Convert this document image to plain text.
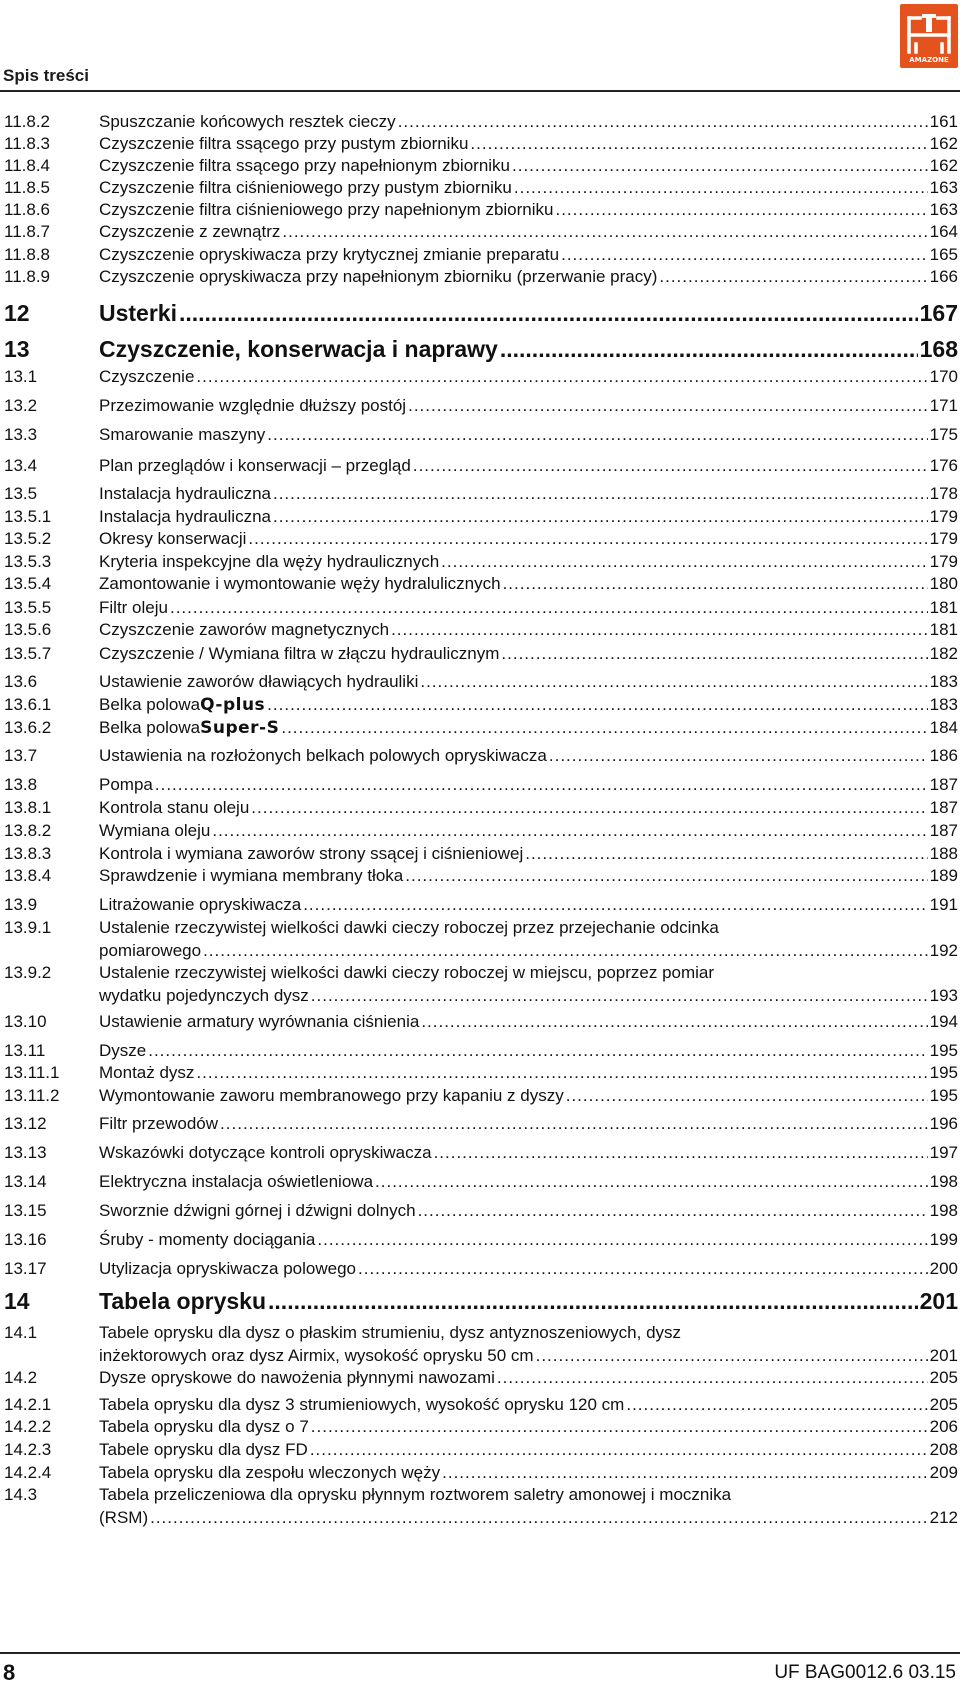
AMAZONE
Spis treści
11.8.2	Spuszczanie końcowych resztek cieczy .....	161
11.8.3	Czyszczenie filtra ssącego przy pustym zbiorniku .....	162
11.8.4	Czyszczenie filtra ssącego przy napełnionym zbiorniku .....	162
11.8.5	Czyszczenie filtra ciśnieniowego przy pustym zbiorniku .....	163
11.8.6	Czyszczenie filtra ciśnieniowego przy napełnionym zbiorniku .....	163
11.8.7	Czyszczenie z zewnątrz .....	164
11.8.8	Czyszczenie opryskiwacza przy krytycznej zmianie preparatu .....	165
11.8.9	Czyszczenie opryskiwacza przy napełnionym zbiorniku (przerwanie pracy) .....	166
12	Usterki .....	167
13	Czyszczenie, konserwacja i naprawy .....	168
13.1	Czyszczenie .....	170
13.2	Przezimowanie względnie dłuższy postój .....	171
13.3	Smarowanie maszyny .....	175
13.4	Plan przeglądów i konserwacji – przegląd .....	176
13.5	Instalacja hydrauliczna .....	178
13.5.1	Instalacja hydrauliczna .....	179
13.5.2	Okresy konserwacji .....	179
13.5.3	Kryteria inspekcyjne dla węży hydraulicznych .....	179
13.5.4	Zamontowanie i wymontowanie węży hydralulicznych .....	180
13.5.5	Filtr oleju .....	181
13.5.6	Czyszczenie zaworów magnetycznych .....	181
13.5.7	Czyszczenie / Wymiana filtra w złączu hydraulicznym .....	182
13.6	Ustawienie zaworów dławiących hydrauliki .....	183
13.6.1	Belka polowa Q-plus .....	183
13.6.2	Belka polowa Super-S .....	184
13.7	Ustawienia na rozłożonych belkach polowych opryskiwacza .....	186
13.8	Pompa .....	187
13.8.1	Kontrola stanu oleju .....	187
13.8.2	Wymiana oleju .....	187
13.8.3	Kontrola i wymiana zaworów strony ssącej i ciśnieniowej .....	188
13.8.4	Sprawdzenie i wymiana membrany tłoka .....	189
13.9	Litrażowanie opryskiwacza .....	191
13.9.1	Ustalenie rzeczywistej wielkości dawki cieczy roboczej przez przejechanie odcinka
pomiarowego .....	192
13.9.2	Ustalenie rzeczywistej wielkości dawki cieczy roboczej w miejscu, poprzez pomiar
wydatku pojedynczych dysz .....	193
13.10	Ustawienie armatury wyrównania ciśnienia .....	194
13.11	Dysze .....	195
13.11.1 Montaż dysz .....	195
13.11.2 Wymontowanie zaworu membranowego przy kapaniu z dyszy .....	195
13.12	Filtr przewodów .....	196
13.13	Wskazówki dotyczące kontroli opryskiwacza .....	197
13.14	Elektryczna instalacja oświetleniowa .....	198
13.15	Sworznie dźwigni górnej i dźwigni dolnych .....	198
13.16	Śruby - momenty dociągania .....	199
13.17	Utylizacja opryskiwacza polowego .....	200
14	Tabela oprysku .....	201
14.1	Tabele oprysku dla dysz o płaskim strumieniu, dysz antyznoszeniowych, dysz
inżektorowych oraz dysz Airmix, wysokość oprysku 50 cm .....	201
14.2	Dysze opryskowe do nawożenia płynnymi nawozami .....	205
14.2.1	Tabela oprysku dla dysz 3 strumieniowych, wysokość oprysku 120 cm .....	205
14.2.2	Tabela oprysku dla dysz o 7 .....	206
14.2.3	Tabele oprysku dla dysz FD .....	208
14.2.4	Tabela oprysku dla zespołu wleczonych węży .....	209
14.3	Tabela przeliczeniowa dla oprysku płynnym roztworem saletry amonowej i mocznika
(RSM) .....	212
8	UF BAG0012.6 03.15
